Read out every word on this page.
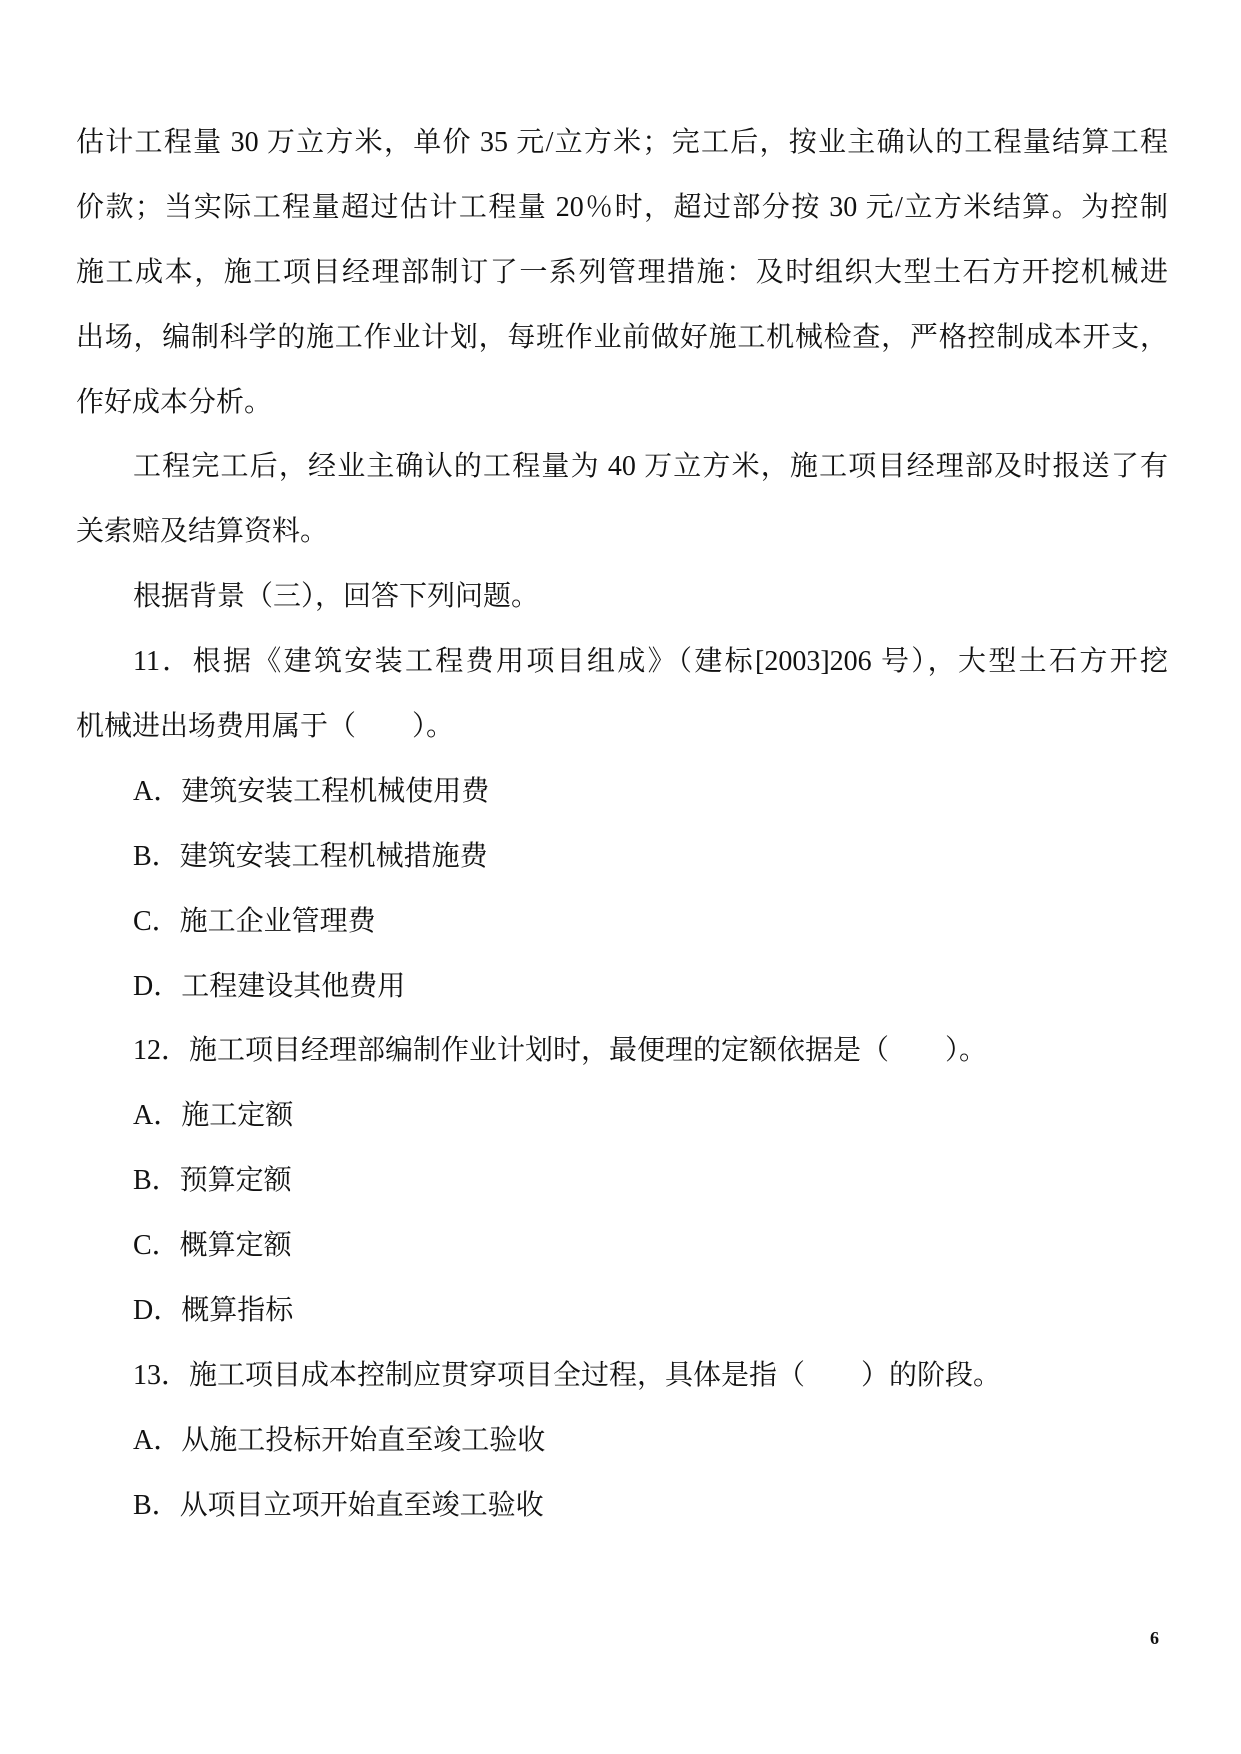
估计工程量 30 万立方米，单价 35 元/立方米；完工后，按业主确认的工程量结算工程
价款；当实际工程量超过估计工程量 20％时，超过部分按 30 元/立方米结算。为控制
施工成本，施工项目经理部制订了一系列管理措施：及时组织大型土石方开挖机械进
出场，编制科学的施工作业计划，每班作业前做好施工机械检查，严格控制成本开支，
作好成本分析。
工程完工后，经业主确认的工程量为 40 万立方米，施工项目经理部及时报送了有
关索赔及结算资料。
根据背景（三），回答下列问题。
11．根据《建筑安装工程费用项目组成》（建标[2003]206 号），大型土石方开挖
机械进出场费用属于（　　）。
A．建筑安装工程机械使用费
B．建筑安装工程机械措施费
C．施工企业管理费
D．工程建设其他费用
12．施工项目经理部编制作业计划时，最便理的定额依据是（　　）。
A．施工定额
B．预算定额
C．概算定额
D．概算指标
13．施工项目成本控制应贯穿项目全过程，具体是指（　　）的阶段。
A．从施工投标开始直至竣工验收
B．从项目立项开始直至竣工验收
6
